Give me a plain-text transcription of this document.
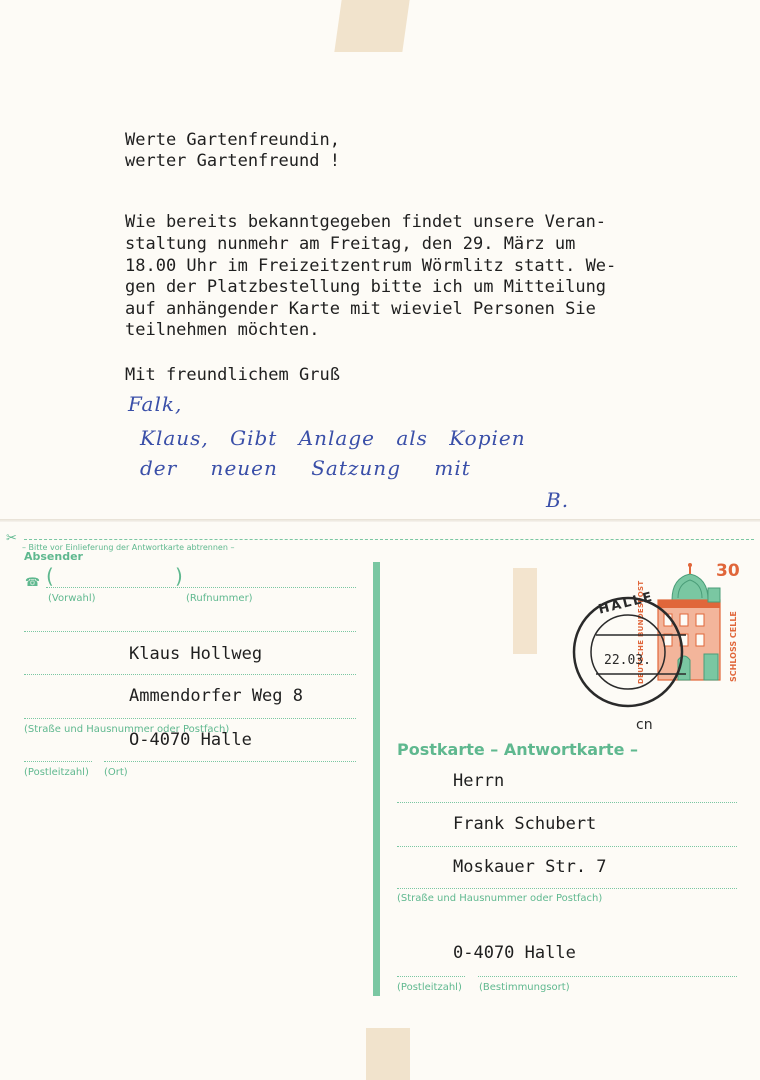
Werte Gartenfreundin,
werter Gartenfreund !
Wie bereits bekanntgegeben findet unsere Veran-
staltung nunmehr am Freitag, den 29. März um
18.00 Uhr im Freizeitzentrum Wörmlitz statt. We-
gen der Platzbestellung bitte ich um Mitteilung
auf anhängender Karte mit wieviel Personen Sie
teilnehmen möchten.
Mit freundlichem Gruß
Falk,
Klaus, Gibt Anlage als Kopien
der neuen Satzung mit
B.
✂
– Bitte vor Einlieferung der Antwortkarte abtrennen –
Absender
☎ (	)
(Vorwahl)	(Rufnummer)
Klaus Hollweg
Ammendorfer Weg 8
(Straße und Hausnummer oder Postfach)
O-4070 Halle
(Postleitzahl) (Ort)
30
DEUTSCHE BUNDESPOST	SCHLOSS CELLE
HALLE
22.03.
cn
Postkarte – Antwortkarte –
Herrn
Frank Schubert
Moskauer Str. 7
(Straße und Hausnummer oder Postfach)
0-4070 Halle
(Postleitzahl) (Bestimmungsort)
